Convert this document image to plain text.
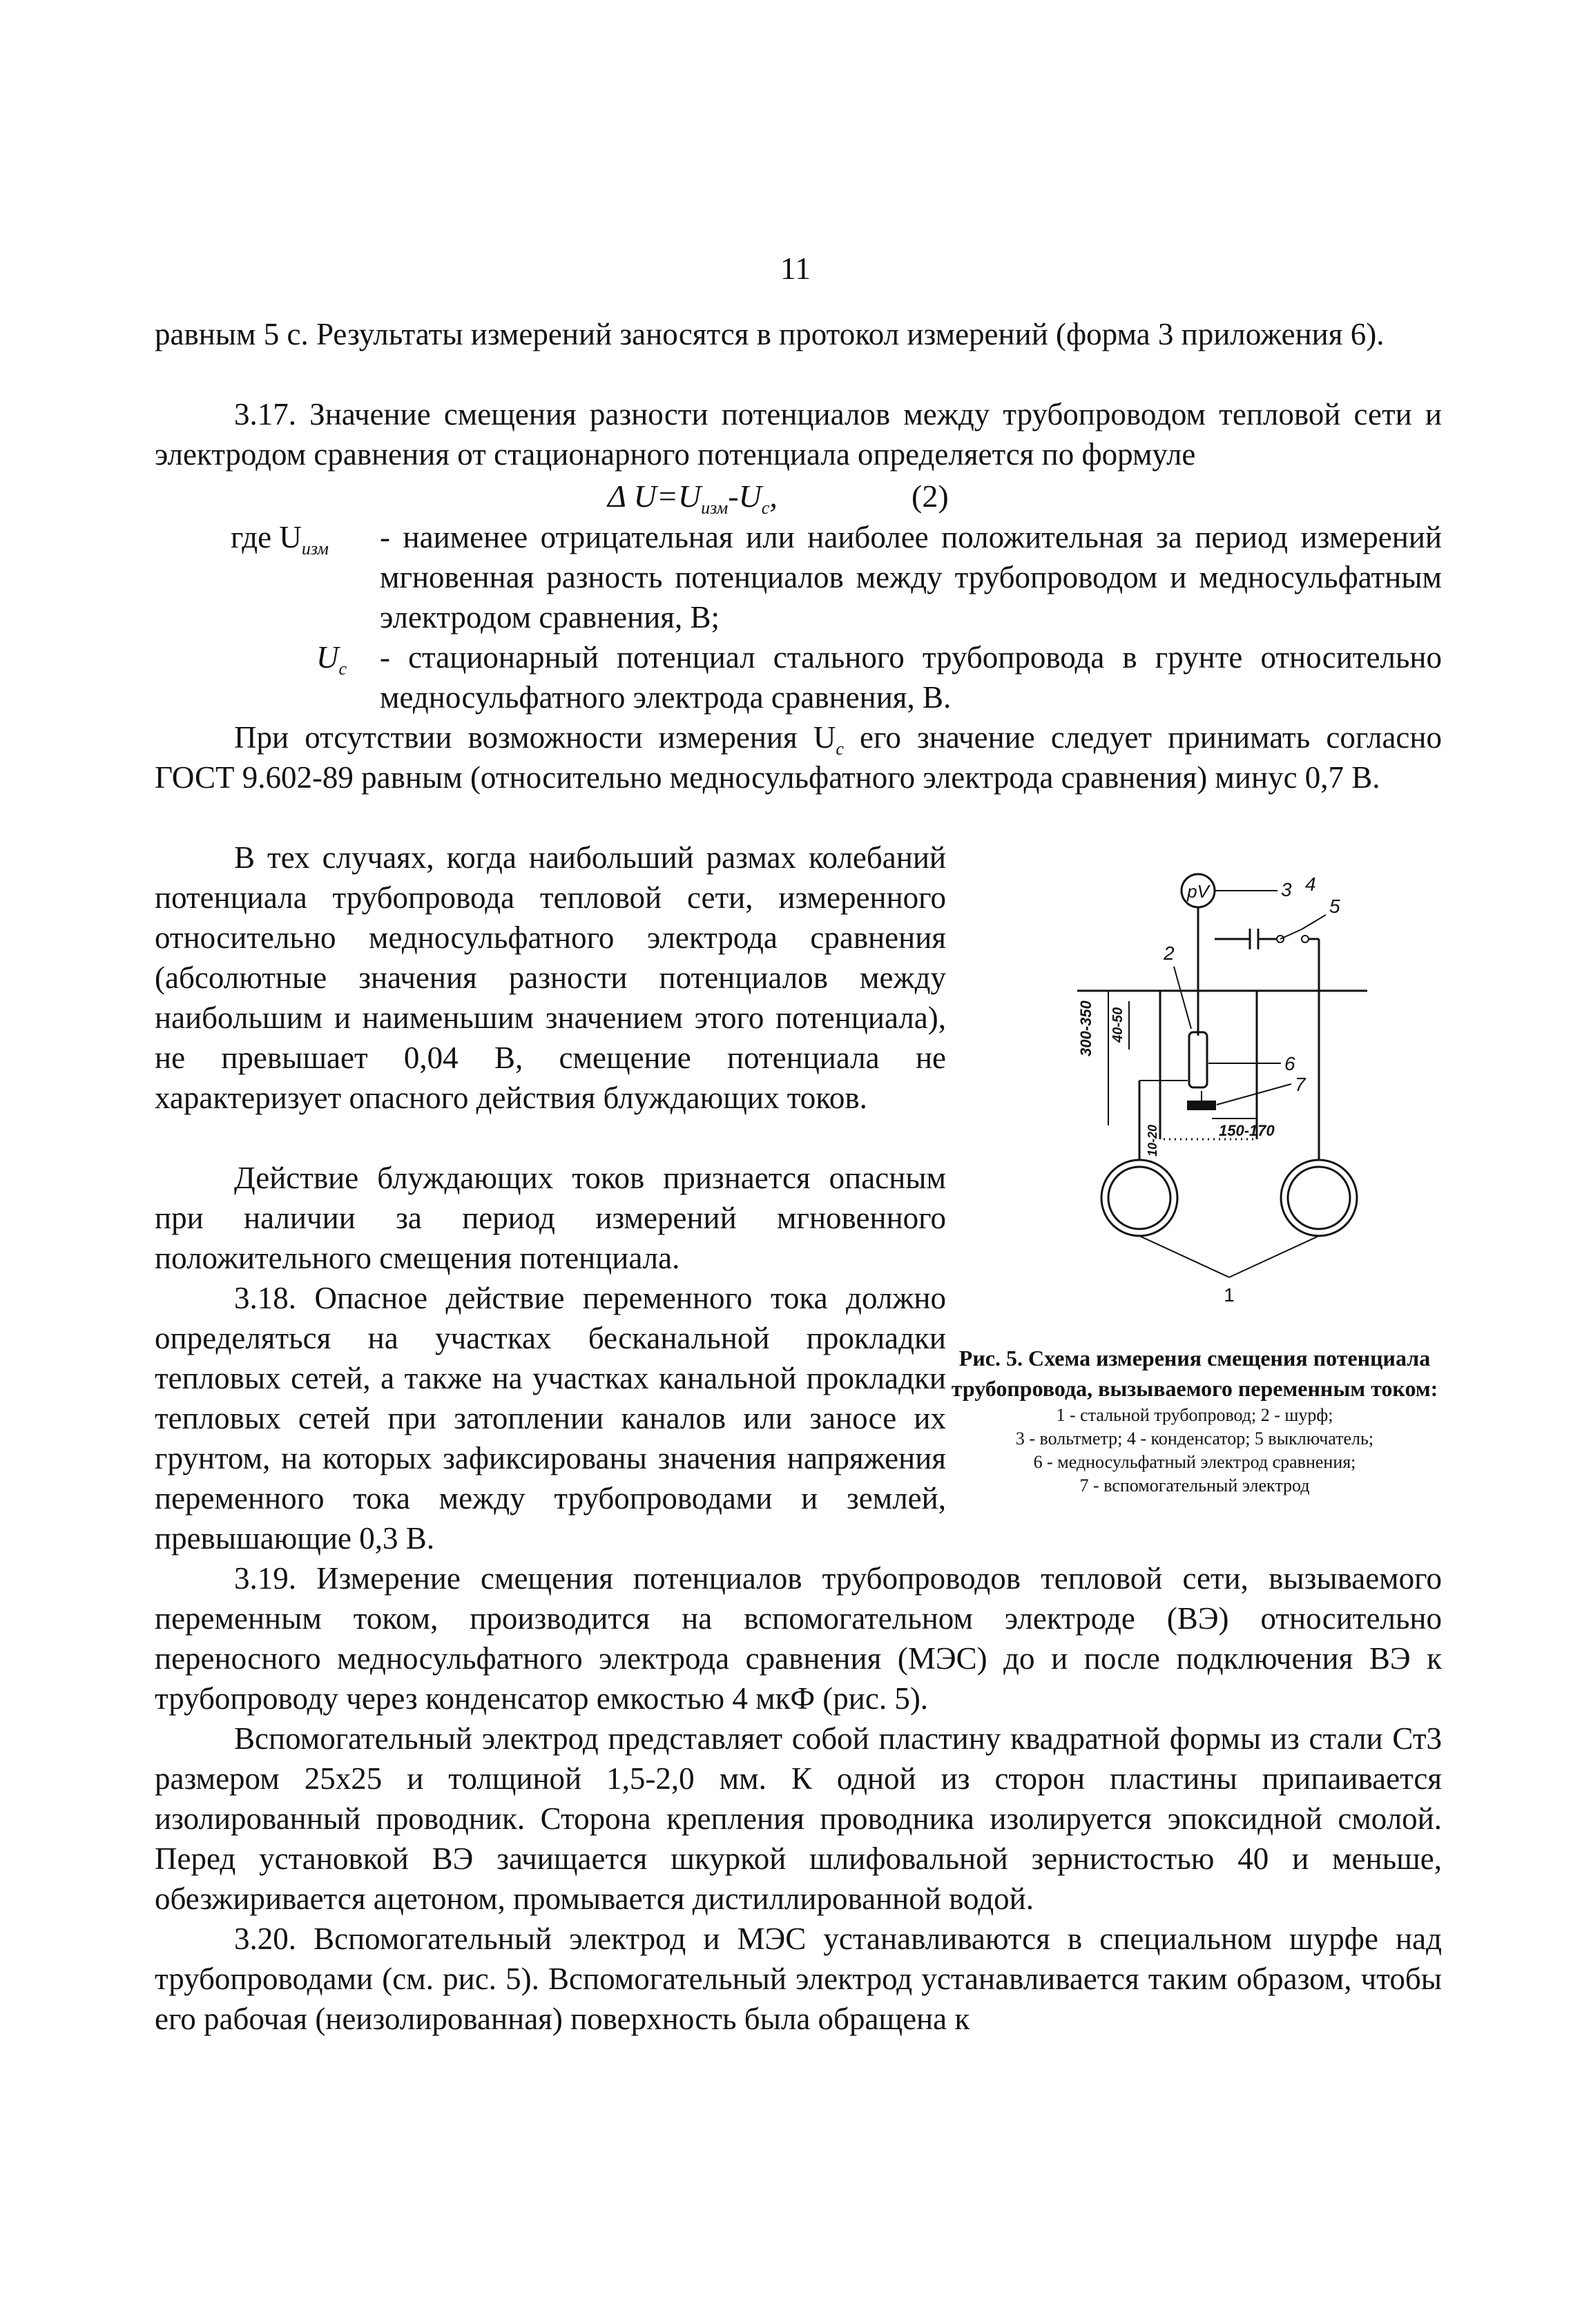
11

равным 5 с. Результаты измерений заносятся в протокол измерений (форма 3 приложения 6).

3.17. Значение смещения разности потенциалов между трубопроводом тепловой сети и электродом сравнения от стационарного потенциала определяется по формуле

Δ $U=U_{изм}-U_с$,	(2)
где $U_{изм}$ - наименее отрицательная или наиболее положительная за период измерений мгновенная разность потенциалов между трубопроводом и медносульфатным электродом сравнения, В;
$U_с$ - стационарный потенциал стального трубопровода в грунте относительно медносульфатного электрода сравнения, В.

При отсутствии возможности измерения $U_с$ его значение следует принимать согласно ГОСТ 9.602-89 равным (относительно медносульфатного электрода сравнения) минус 0,7 В.

В тех случаях, когда наибольший размах колебаний потенциала трубопровода тепловой сети, измеренного относительно медносульфатного электрода сравнения (абсолютные значения разности потенциалов между наибольшим и наименьшим значением этого потенциала), не превышает 0,04 В, смещение потенциала не характеризует опасного действия блуждающих токов.

Действие блуждающих токов признается опасным при наличии за период измерений мгновенного положительного смещения потенциала.

3.18. Опасное действие переменного тока должно определяться на участках бесканальной прокладки тепловых сетей, а также на участках канальной прокладки тепловых сетей при затоплении каналов или заносе их грунтом, на которых зафиксированы значения напряжения переменного тока между трубопроводами и землей, превышающие 0,3 В.

3.19. Измерение смещения потенциалов трубопроводов тепловой сети, вызываемого переменным током, производится на вспомогательном электроде (ВЭ) относительно переносного медносульфатного электрода сравнения (МЭС) до и после подключения ВЭ к трубопроводу через конденсатор емкостью 4 мкФ (рис. 5).

Вспомогательный электрод представляет собой пластину квадратной формы из стали Ст3 размером 25х25 и толщиной 1,5-2,0 мм. К одной из сторон пластины припаивается изолированный проводник. Сторона крепления проводника изолируется эпоксидной смолой. Перед установкой ВЭ зачищается шкуркой шлифовальной зернистостью 40 и меньше, обезжиривается ацетоном, промывается дистиллированной водой.

3.20. Вспомогательный электрод и МЭС устанавливаются в специальном шурфе над трубопроводами (см. рис. 5). Вспомогательный электрод устанавливается таким образом, чтобы его рабочая (неизолированная) поверхность была обращена к

pV
300-350 40-50
150-170
10-20
1
2
3 4
5
6
7
Рис. 5. Схема измерения смещения потенциала трубопровода, вызываемого переменным током:
1 - стальной трубопровод; 2 - шурф;
3 - вольтметр; 4 - конденсатор; 5 выключатель;
6 - медносульфатный электрод сравнения;
7 - вспомогательный электрод
